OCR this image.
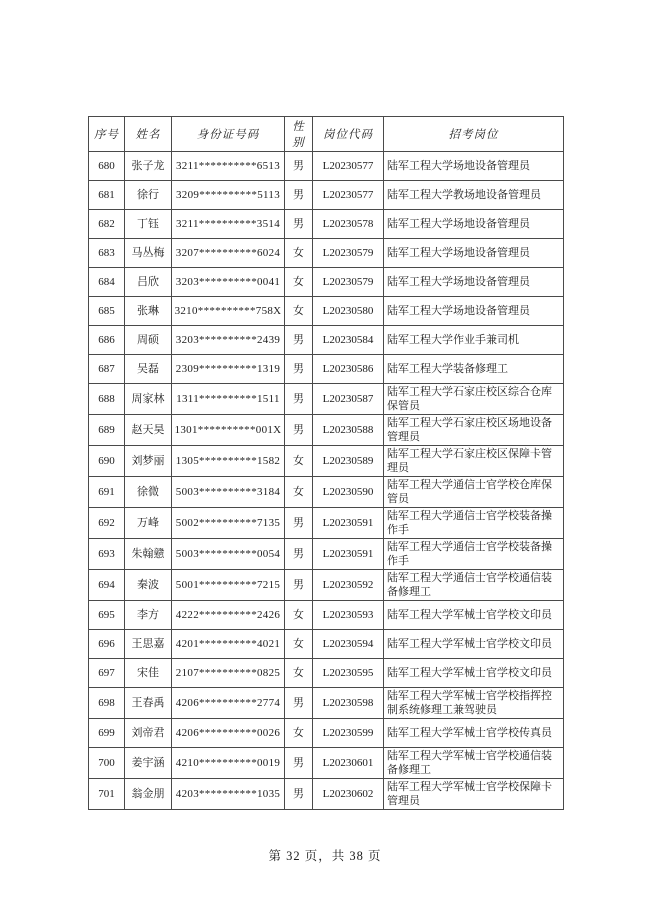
序号	姓名	身份证号码	性别	岗位代码	招考岗位
680	张子龙	3211**********6513	男	L20230577	陆军工程大学场地设备管理员
681	徐行	3209**********5113	男	L20230577	陆军工程大学教场地设备管理员
682	丁钰	3211**********3514	男	L20230578	陆军工程大学场地设备管理员
683	马丛梅	3207**********6024	女	L20230579	陆军工程大学场地设备管理员
684	吕欣	3203**********0041	女	L20230579	陆军工程大学场地设备管理员
685	张琳	3210**********758X	女	L20230580	陆军工程大学场地设备管理员
686	周硕	3203**********2439	男	L20230584	陆军工程大学作业手兼司机
687	吴磊	2309**********1319	男	L20230586	陆军工程大学装备修理工
688	周家林	1311**********1511	男	L20230587	陆军工程大学石家庄校区综合仓库保管员
689	赵天昊	1301**********001X	男	L20230588	陆军工程大学石家庄校区场地设备管理员
690	刘梦丽	1305**********1582	女	L20230589	陆军工程大学石家庄校区保障卡管理员
691	徐微	5003**********3184	女	L20230590	陆军工程大学通信士官学校仓库保管员
692	万峰	5002**********7135	男	L20230591	陆军工程大学通信士官学校装备操作手
693	朱翰戆	5003**********0054	男	L20230591	陆军工程大学通信士官学校装备操作手
694	秦波	5001**********7215	男	L20230592	陆军工程大学通信士官学校通信装备修理工
695	李方	4222**********2426	女	L20230593	陆军工程大学军械士官学校文印员
696	王思嘉	4201**********4021	女	L20230594	陆军工程大学军械士官学校文印员
697	宋佳	2107**********0825	女	L20230595	陆军工程大学军械士官学校文印员
698	王春禹	4206**********2774	男	L20230598	陆军工程大学军械士官学校指挥控制系统修理工兼驾驶员
699	刘帝君	4206**********0026	女	L20230599	陆军工程大学军械士官学校传真员
700	姜宇涵	4210**********0019	男	L20230601	陆军工程大学军械士官学校通信装备修理工
701	翁金朋	4203**********1035	男	L20230602	陆军工程大学军械士官学校保障卡管理员
第 32 页，共 38 页
